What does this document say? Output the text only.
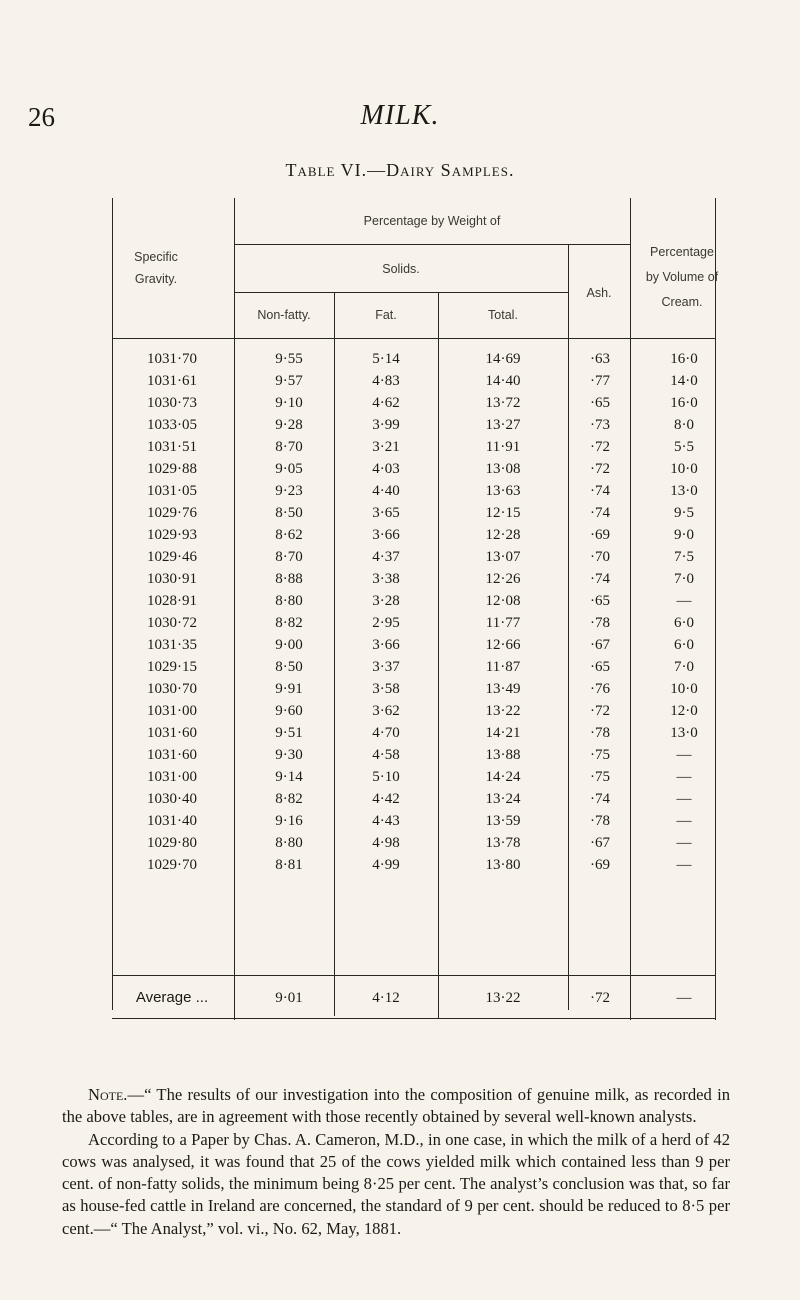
26	MILK.
Table VI.—Dairy Samples.
Specific Gravity.
Percentage by Weight of
Solids.
Non-fatty.	Fat.	Total.
Ash.
Percentage by Volume of Cream.
1031·70	9·55	5·14	14·69	·63	16·0
1031·61	9·57	4·83	14·40	·77	14·0
1030·73	9·10	4·62	13·72	·65	16·0
1033·05	9·28	3·99	13·27	·73	8·0
1031·51	8·70	3·21	11·91	·72	5·5
1029·88	9·05	4·03	13·08	·72	10·0
1031·05	9·23	4·40	13·63	·74	13·0
1029·76	8·50	3·65	12·15	·74	9·5
1029·93	8·62	3·66	12·28	·69	9·0
1029·46	8·70	4·37	13·07	·70	7·5
1030·91	8·88	3·38	12·26	·74	7·0
1028·91	8·80	3·28	12·08	·65	—
1030·72	8·82	2·95	11·77	·78	6·0
1031·35	9·00	3·66	12·66	·67	6·0
1029·15	8·50	3·37	11·87	·65	7·0
1030·70	9·91	3·58	13·49	·76	10·0
1031·00	9·60	3·62	13·22	·72	12·0
1031·60	9·51	4·70	14·21	·78	13·0
1031·60	9·30	4·58	13·88	·75	—
1031·00	9·14	5·10	14·24	·75	—
1030·40	8·82	4·42	13·24	·74	—
1031·40	9·16	4·43	13·59	·78	—
1029·80	8·80	4·98	13·78	·67	—
1029·70	8·81	4·99	13·80	·69	—
Average ...	9·01	4·12	13·22	·72	—

Note.—“ The results of our investigation into the composition of genuine milk, as recorded in the above tables, are in agreement with those recently obtained by several well-known analysts.

According to a Paper by Chas. A. Cameron, M.D., in one case, in which the milk of a herd of 42 cows was analysed, it was found that 25 of the cows yielded milk which contained less than 9 per cent. of non-fatty solids, the minimum being 8·25 per cent. The analyst’s conclusion was that, so far as house-fed cattle in Ireland are concerned, the standard of 9 per cent. should be reduced to 8·5 per cent.—“ The Analyst,” vol. vi., No. 62, May, 1881.
